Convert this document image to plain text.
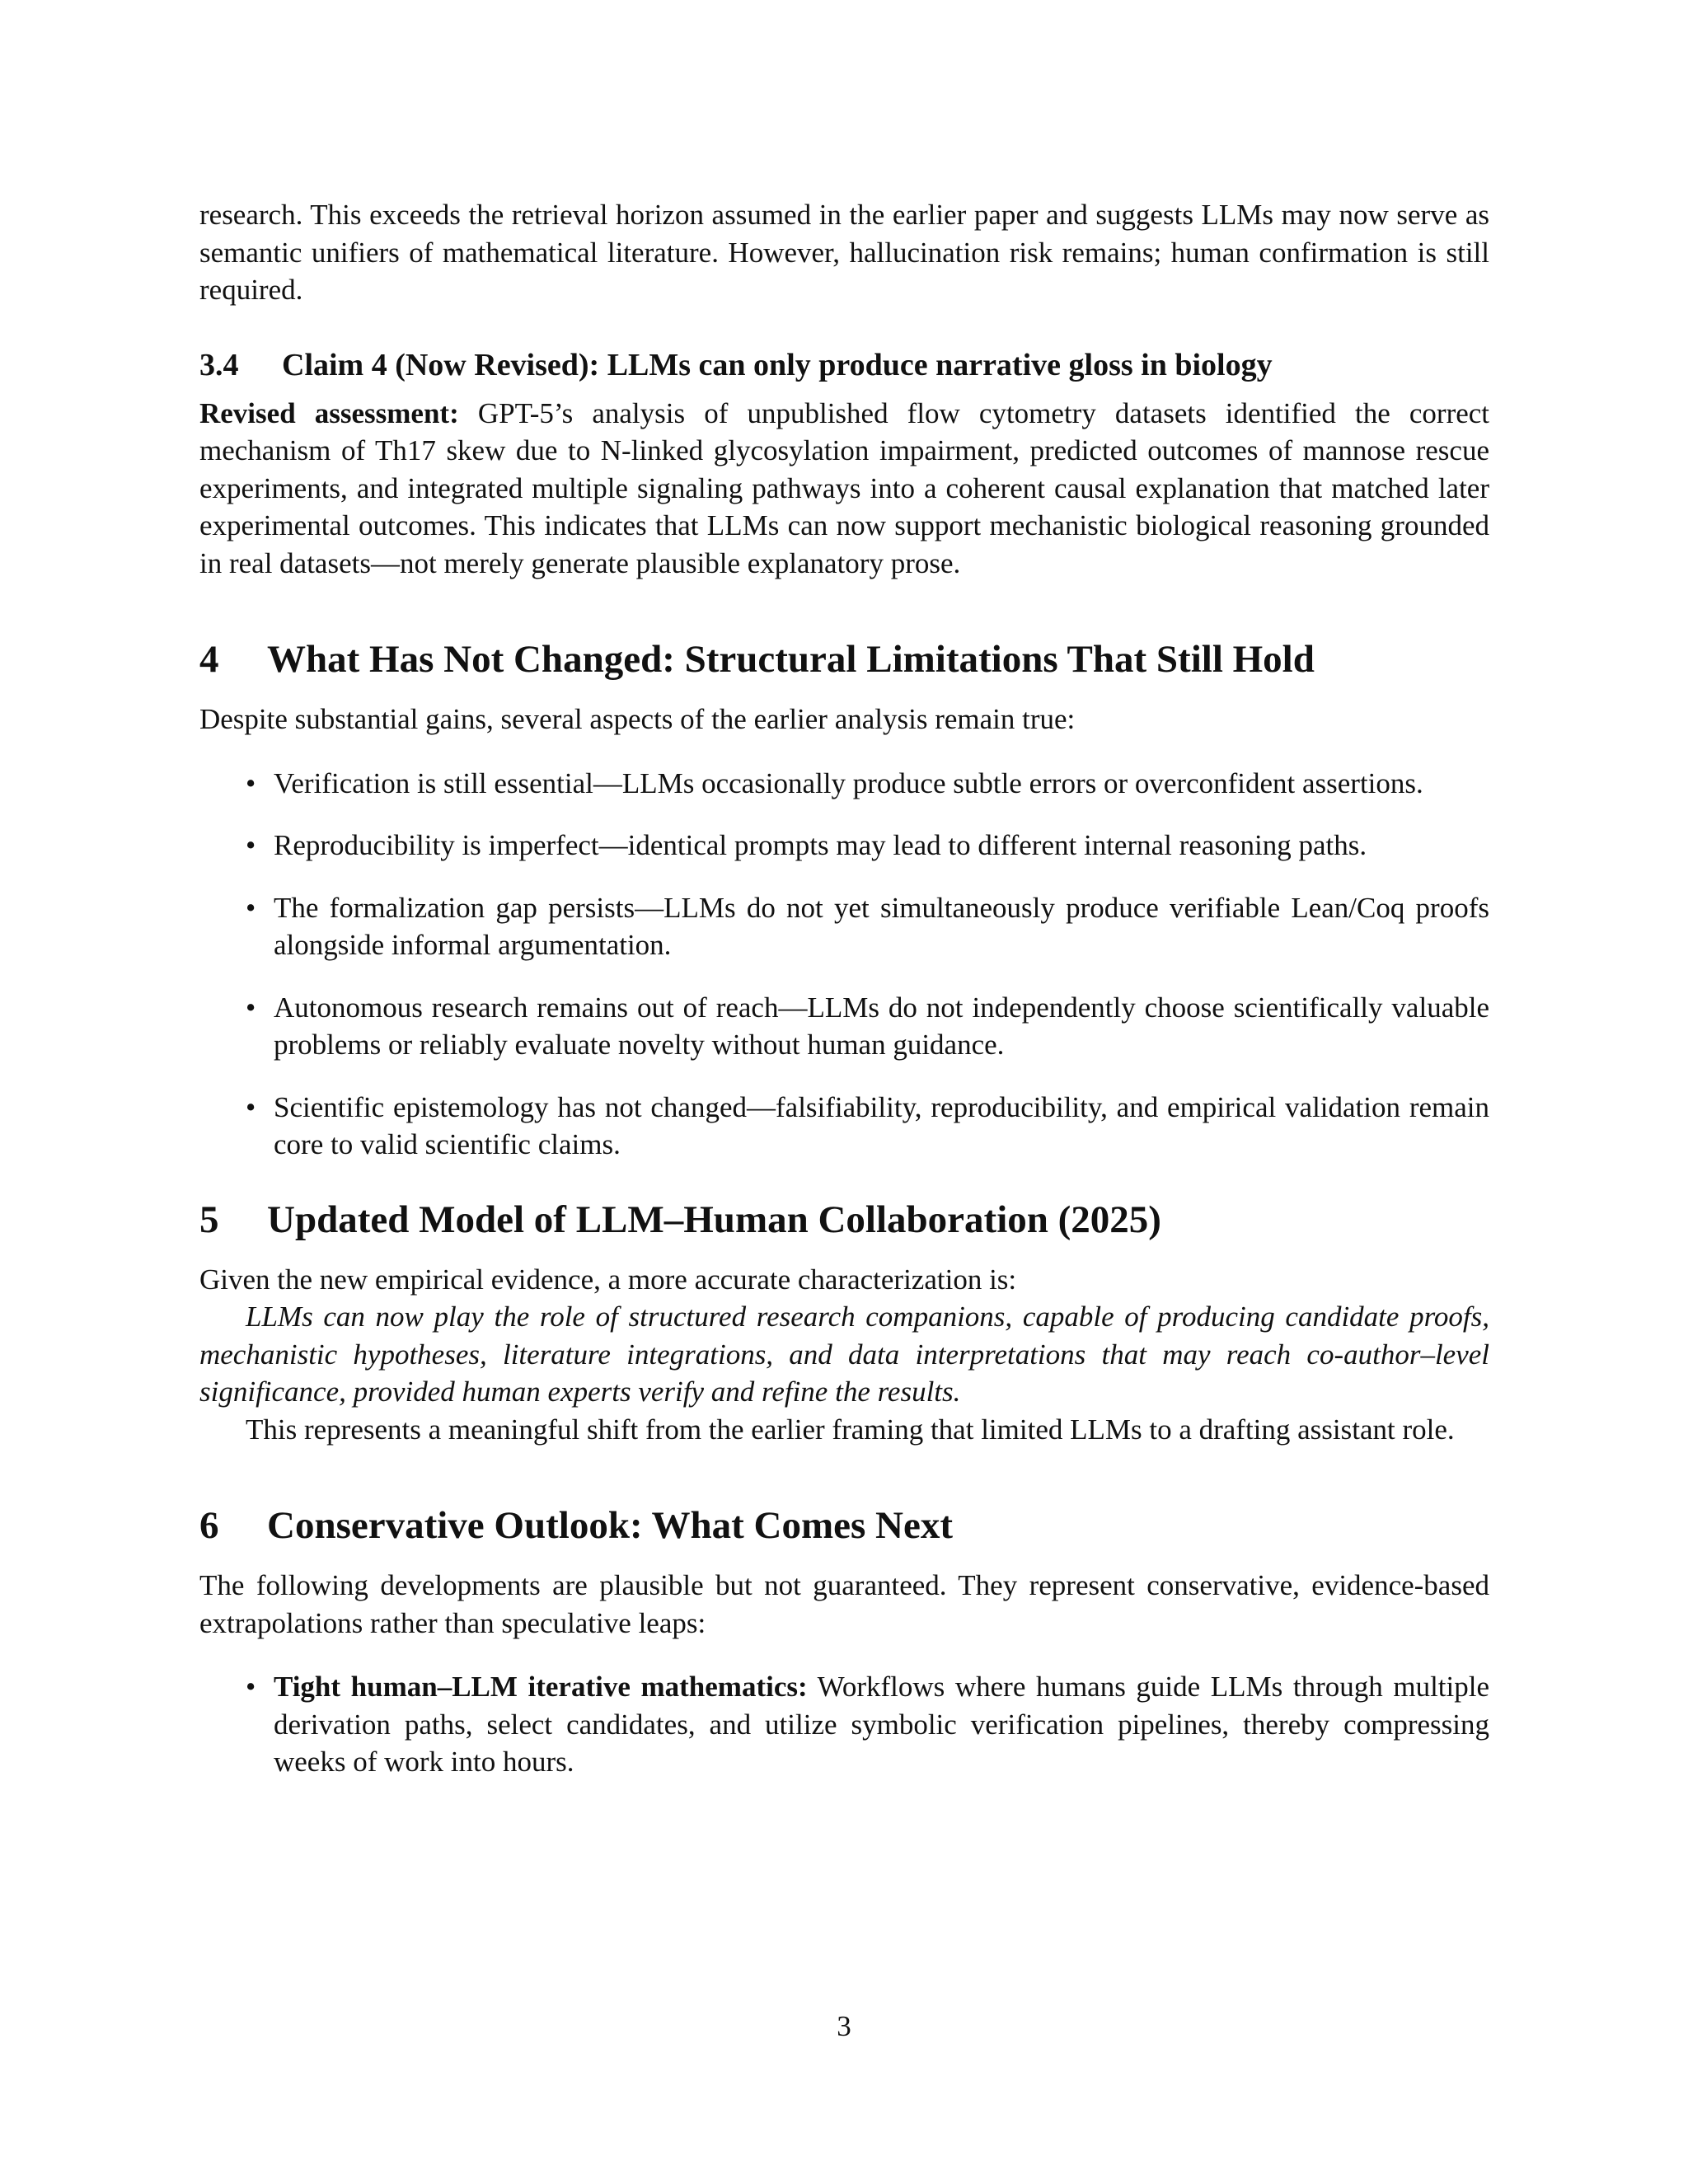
research. This exceeds the retrieval horizon assumed in the earlier paper and suggests LLMs may now serve as semantic unifiers of mathematical literature. However, hallucination risk remains; human confirmation is still required.

3.4 Claim 4 (Now Revised): LLMs can only produce narrative gloss in biology

Revised assessment: GPT-5’s analysis of unpublished flow cytometry datasets identified the correct mechanism of Th17 skew due to N-linked glycosylation impairment, predicted outcomes of mannose rescue experiments, and integrated multiple signaling pathways into a coherent causal explanation that matched later experimental outcomes. This indicates that LLMs can now support mechanistic biological reasoning grounded in real datasets—not merely generate plausible explanatory prose.

4 What Has Not Changed: Structural Limitations That Still Hold

Despite substantial gains, several aspects of the earlier analysis remain true:

• Verification is still essential—LLMs occasionally produce subtle errors or overconfident assertions.
• Reproducibility is imperfect—identical prompts may lead to different internal reasoning paths.
• The formalization gap persists—LLMs do not yet simultaneously produce verifiable Lean/Coq proofs alongside informal argumentation.
• Autonomous research remains out of reach—LLMs do not independently choose scientifically valuable problems or reliably evaluate novelty without human guidance.
• Scientific epistemology has not changed—falsifiability, reproducibility, and empirical validation remain core to valid scientific claims.
5 Updated Model of LLM–Human Collaboration (2025)

Given the new empirical evidence, a more accurate characterization is:

LLMs can now play the role of structured research companions, capable of producing candidate proofs, mechanistic hypotheses, literature integrations, and data interpretations that may reach co-author–level significance, provided human experts verify and refine the results.

This represents a meaningful shift from the earlier framing that limited LLMs to a drafting assistant role.

6 Conservative Outlook: What Comes Next

The following developments are plausible but not guaranteed. They represent conservative, evidence-based extrapolations rather than speculative leaps:

• Tight human–LLM iterative mathematics: Workflows where humans guide LLMs through multiple derivation paths, select candidates, and utilize symbolic verification pipelines, thereby compressing weeks of work into hours.
3
